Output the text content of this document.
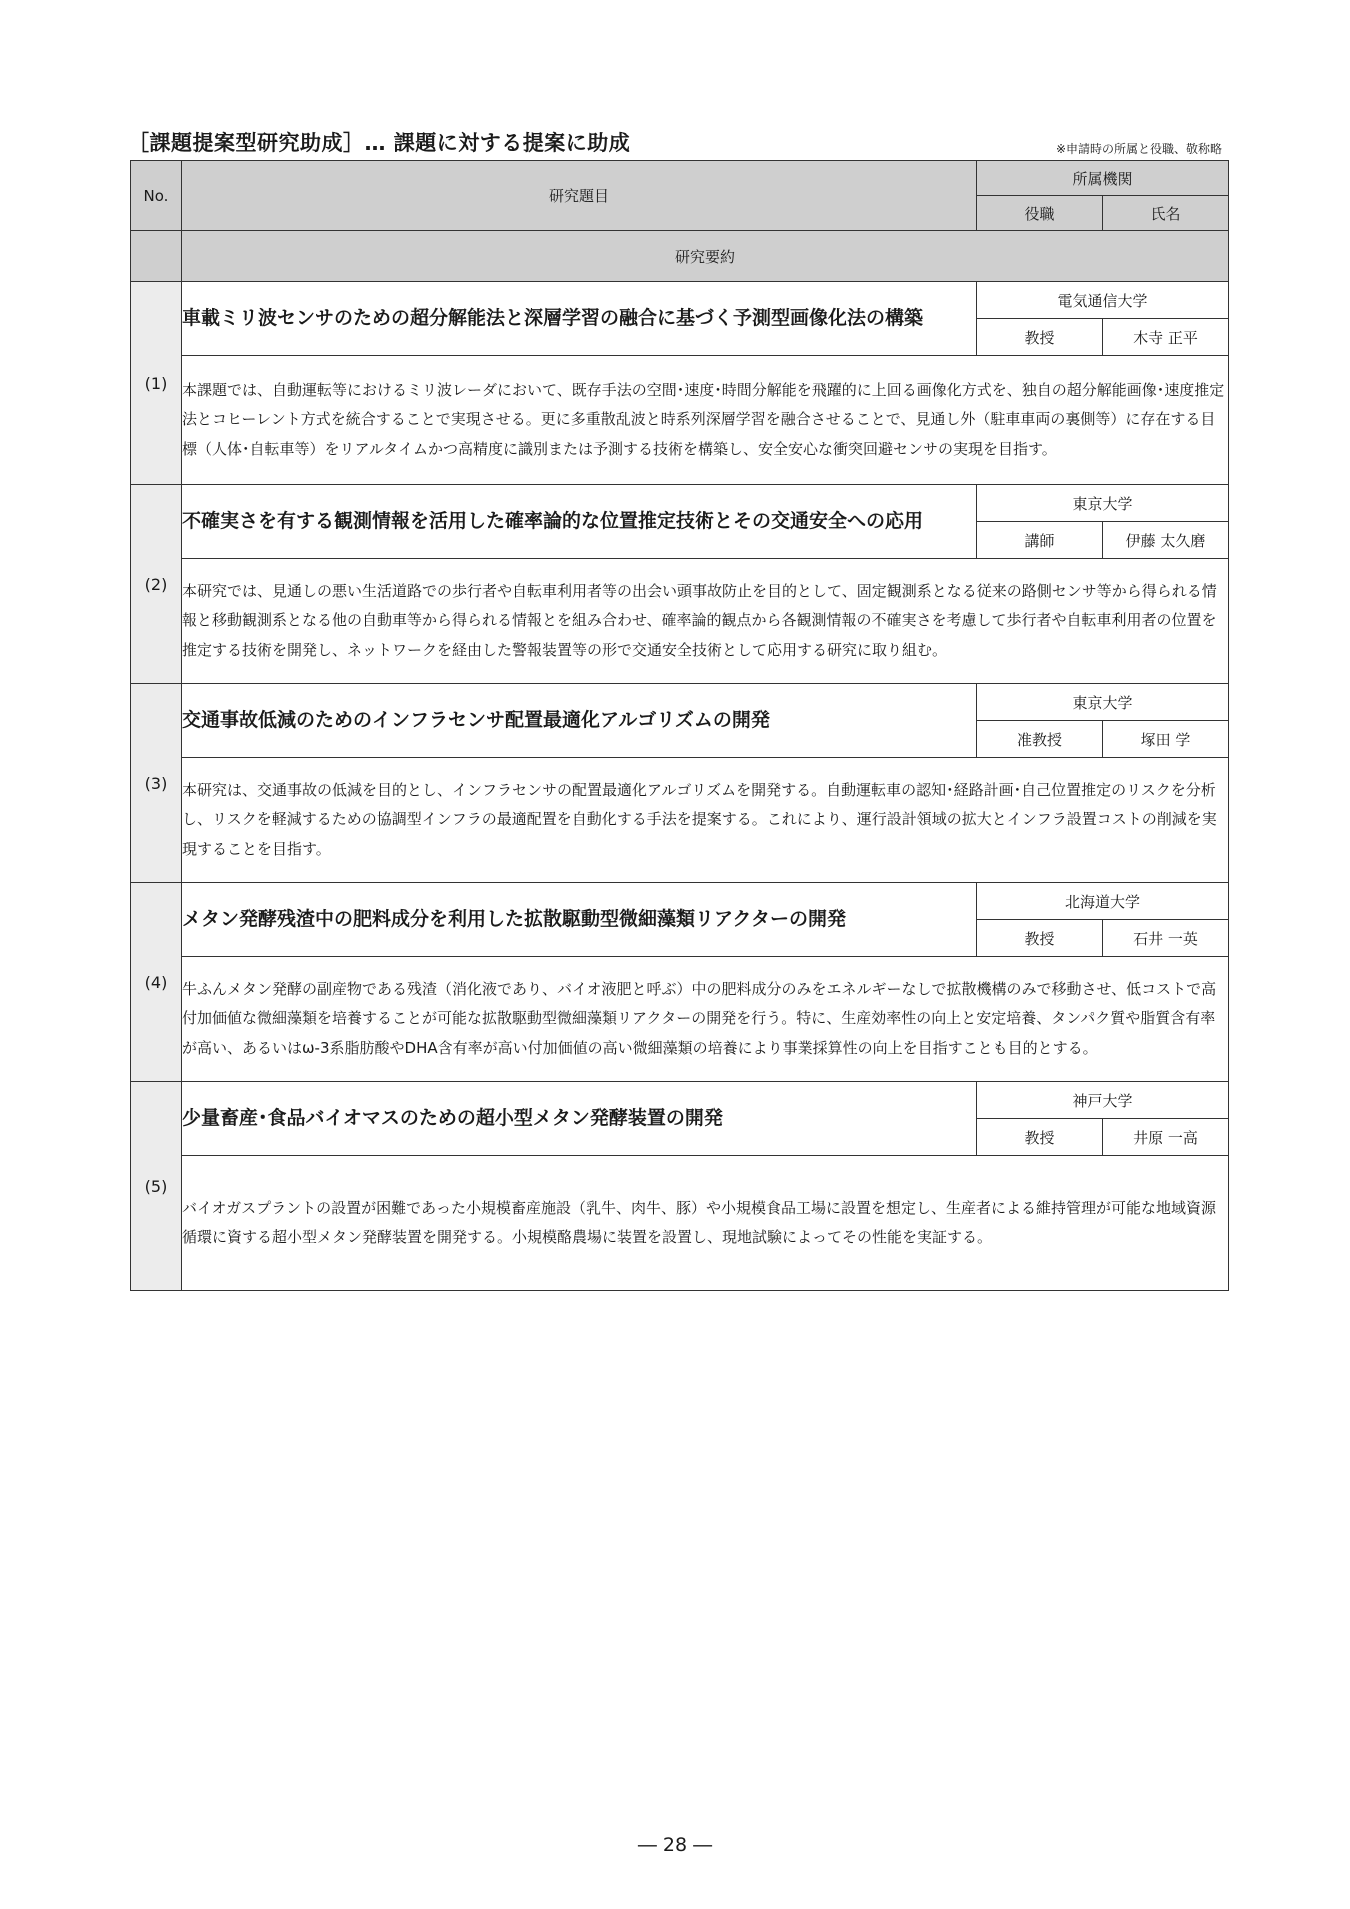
［課題提案型研究助成］… 課題に対する提案に助成	※申請時の所属と役職、敬称略
No.	研究題目	所属機関	
		役職	氏名
	研究要約		
(1)	車載ミリ波センサのための超分解能法と深層学習の融合に基づく予測型画像化法の構築	電気通信大学	
		教授	木寺 正平
	本課題では、自動運転等におけるミリ波レーダにおいて、既存手法の空間･速度･時間分解能を飛躍的に上回る画像化方式を、独自の超分解能画像･速度推定法とコヒーレント方式を統合することで実現させる。更に多重散乱波と時系列深層学習を融合させることで、見通し外（駐車車両の裏側等）に存在する目標（人体･自転車等）をリアルタイムかつ高精度に識別または予測する技術を構築し、安全安心な衝突回避センサの実現を目指す。		
(2)	不確実さを有する観測情報を活用した確率論的な位置推定技術とその交通安全への応用	東京大学	
		講師	伊藤 太久磨
	本研究では、見通しの悪い生活道路での歩行者や自転車利用者等の出会い頭事故防止を目的として、固定観測系となる従来の路側センサ等から得られる情報と移動観測系となる他の自動車等から得られる情報とを組み合わせ、確率論的観点から各観測情報の不確実さを考慮して歩行者や自転車利用者の位置を推定する技術を開発し、ネットワークを経由した警報装置等の形で交通安全技術として応用する研究に取り組む。		
(3)	交通事故低減のためのインフラセンサ配置最適化アルゴリズムの開発	東京大学	
		准教授	塚田 学
	本研究は、交通事故の低減を目的とし、インフラセンサの配置最適化アルゴリズムを開発する。自動運転車の認知･経路計画･自己位置推定のリスクを分析し、リスクを軽減するための協調型インフラの最適配置を自動化する手法を提案する。これにより、運行設計領域の拡大とインフラ設置コストの削減を実現することを目指す。		
(4)	メタン発酵残渣中の肥料成分を利用した拡散駆動型微細藻類リアクターの開発	北海道大学	
		教授	石井 一英
	牛ふんメタン発酵の副産物である残渣（消化液であり、バイオ液肥と呼ぶ）中の肥料成分のみをエネルギーなしで拡散機構のみで移動させ、低コストで高付加価値な微細藻類を培養することが可能な拡散駆動型微細藻類リアクターの開発を行う。特に、生産効率性の向上と安定培養、タンパク質や脂質含有率が高い、あるいはω-3系脂肪酸やDHA含有率が高い付加価値の高い微細藻類の培養により事業採算性の向上を目指すことも目的とする。		
(5)	少量畜産･食品バイオマスのための超小型メタン発酵装置の開発	神戸大学	
		教授	井原 一高
	バイオガスプラントの設置が困難であった小規模畜産施設（乳牛、肉牛、豚）や小規模食品工場に設置を想定し、生産者による維持管理が可能な地域資源循環に資する超小型メタン発酵装置を開発する。小規模酪農場に装置を設置し、現地試験によってその性能を実証する。		
― 28 ―
